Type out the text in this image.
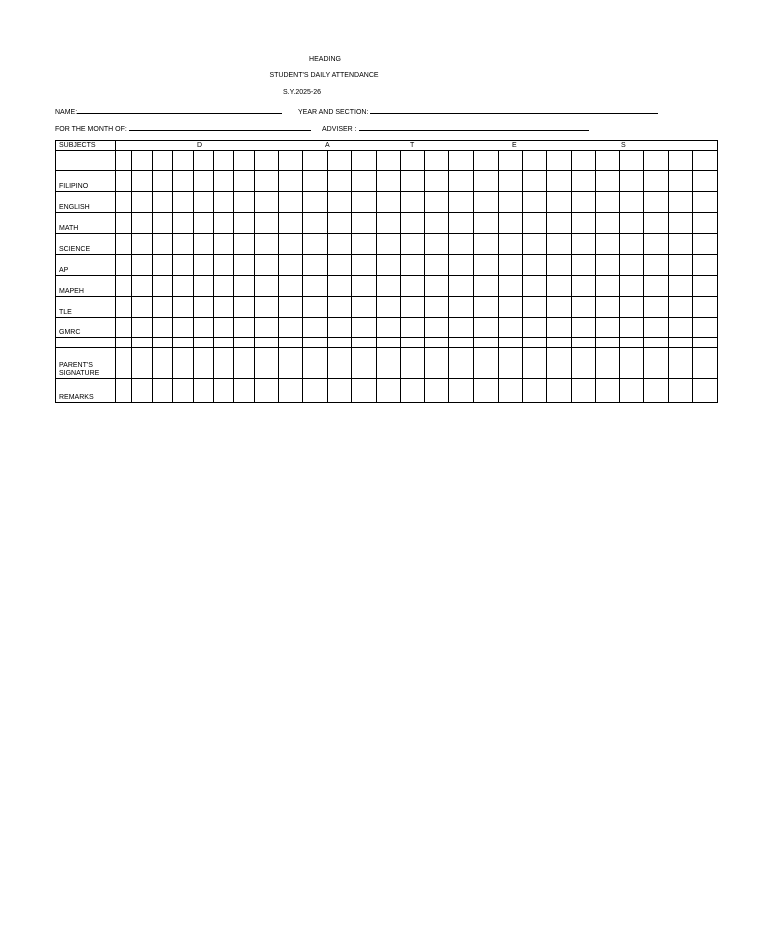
HEADING
STUDENT'S DAILY ATTENDANCE
S.Y.2025-26
NAME:	YEAR AND SECTION:
FOR THE MONTH OF:	ADVISER :
SUBJECTS	D A T E S																									

FILIPINO																										
ENGLISH																										
MATH																										
SCIENCE																										
AP																										
MAPEH																										
TLE																										
GMRC																										

PARENT'S SIGNATURE																										
REMARKS																										
